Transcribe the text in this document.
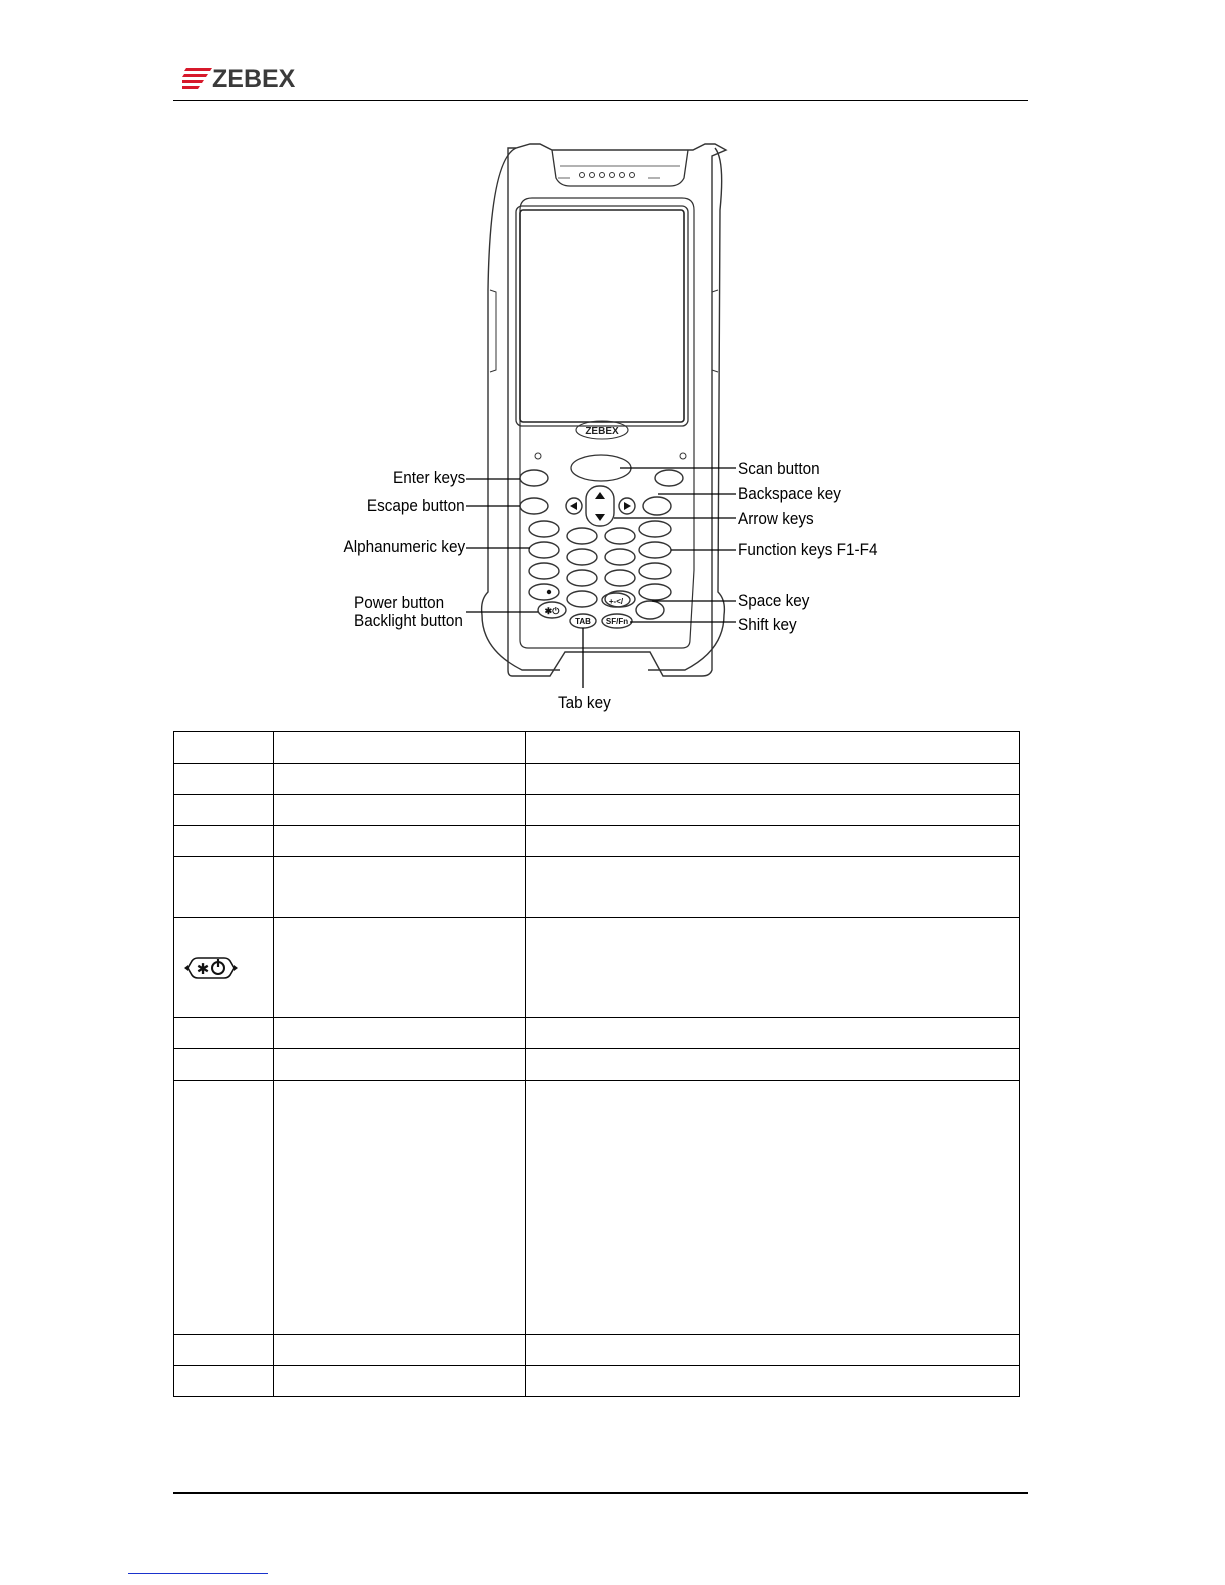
ZEBEX
ZEBEX
+-</
✱⏻
TAB SF/Fn
Enter keys
Escape button
Alphanumeric key
Power button
Backlight button
Scan button
Backspace key
Arrow keys
Function keys F1-F4
Space key
Shift key
Tab key

✱		
